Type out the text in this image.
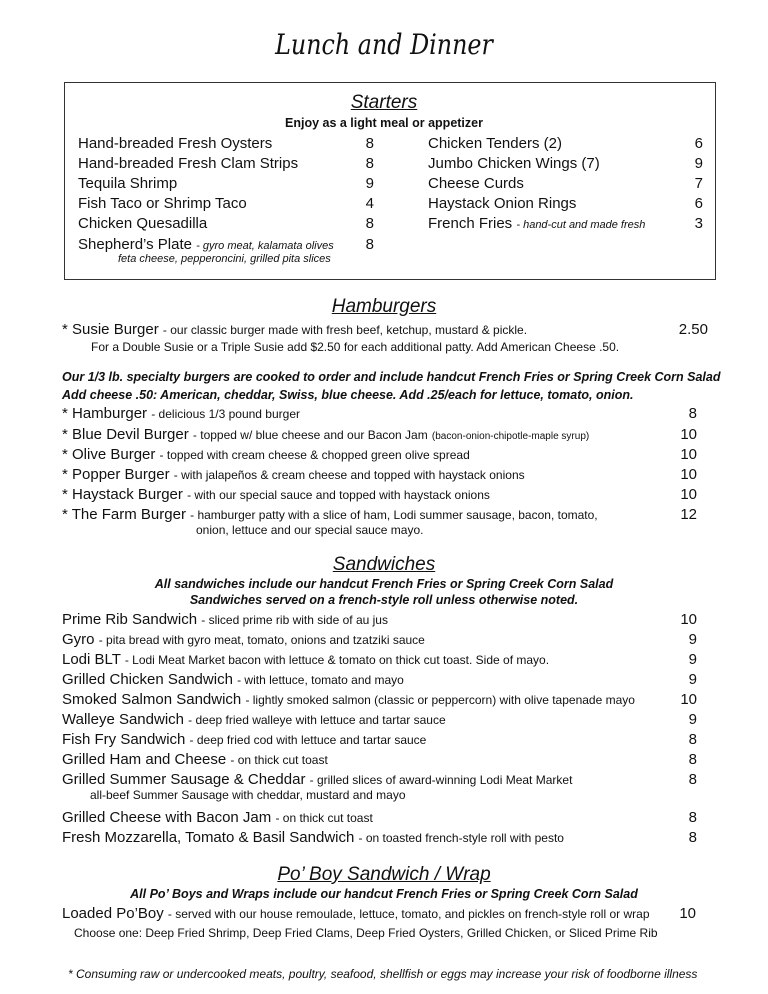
Lunch and Dinner
Starters
Enjoy as a light meal or appetizer
Hand-breaded Fresh Oysters	8
Hand-breaded Fresh Clam Strips	8
Tequila Shrimp	9
Fish Taco or Shrimp Taco	4
Chicken Quesadilla	8
Shepherd’s Plate - gyro meat, kalamata olives	8
feta cheese, pepperoncini, grilled pita slices
Chicken Tenders (2)	6
Jumbo Chicken Wings (7)	9
Cheese Curds	7
Haystack Onion Rings	6
French Fries - hand-cut and made fresh	3
Hamburgers
* Susie Burger - our classic burger made with fresh beef, ketchup, mustard & pickle.	2.50
For a Double Susie or a Triple Susie add $2.50 for each additional patty. Add American Cheese .50.
Our 1/3 lb. specialty burgers are cooked to order and include handcut French Fries or Spring Creek Corn Salad
Add cheese .50: American, cheddar, Swiss, blue cheese. Add .25/each for lettuce, tomato, onion.
* Hamburger - delicious 1/3 pound burger	8
* Blue Devil Burger - topped w/ blue cheese and our Bacon Jam (bacon-onion-chipotle-maple syrup)	10
* Olive Burger - topped with cream cheese & chopped green olive spread	10
* Popper Burger - with jalapeños & cream cheese and topped with haystack onions	10
* Haystack Burger - with our special sauce and topped with haystack onions	10
* The Farm Burger - hamburger patty with a slice of ham, Lodi summer sausage, bacon, tomato,	12
onion, lettuce and our special sauce mayo.
Sandwiches
All sandwiches include our handcut French Fries or Spring Creek Corn Salad
Sandwiches served on a french-style roll unless otherwise noted.
Prime Rib Sandwich - sliced prime rib with side of au jus	10
Gyro - pita bread with gyro meat, tomato, onions and tzatziki sauce	9
Lodi BLT - Lodi Meat Market bacon with lettuce & tomato on thick cut toast. Side of mayo.	9
Grilled Chicken Sandwich - with lettuce, tomato and mayo	9
Smoked Salmon Sandwich - lightly smoked salmon (classic or peppercorn) with olive tapenade mayo	10
Walleye Sandwich - deep fried walleye with lettuce and tartar sauce	9
Fish Fry Sandwich - deep fried cod with lettuce and tartar sauce	8
Grilled Ham and Cheese - on thick cut toast	8
Grilled Summer Sausage & Cheddar - grilled slices of award-winning Lodi Meat Market	8
all-beef Summer Sausage with cheddar, mustard and mayo
Grilled Cheese with Bacon Jam - on thick cut toast	8
Fresh Mozzarella, Tomato & Basil Sandwich - on toasted french-style roll with pesto	8
Po’ Boy Sandwich / Wrap
All Po’ Boys and Wraps include our handcut French Fries or Spring Creek Corn Salad
Loaded Po’Boy - served with our house remoulade, lettuce, tomato, and pickles on french-style roll or wrap	10
Choose one: Deep Fried Shrimp, Deep Fried Clams, Deep Fried Oysters, Grilled Chicken, or Sliced Prime Rib
* Consuming raw or undercooked meats, poultry, seafood, shellfish or eggs may increase your risk of foodborne illness
